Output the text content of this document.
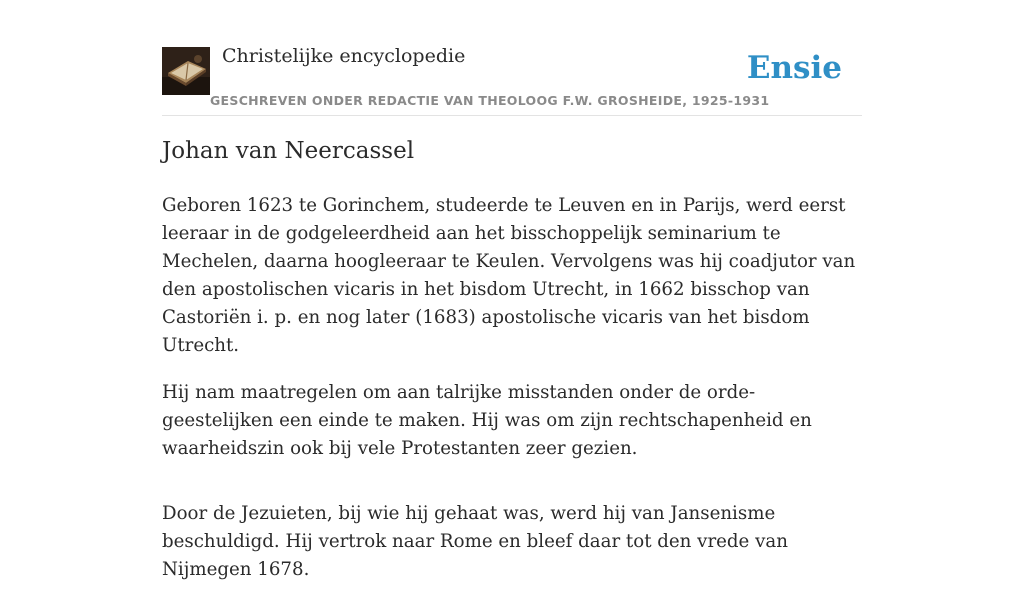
Christelijke encyclopedie
GESCHREVEN ONDER REDACTIE VAN THEOLOOG F.W. GROSHEIDE, 1925-1931
Ensie
Johan van Neercassel

Geboren 1623 te Gorinchem, studeerde te Leuven en in Parijs, werd eerst leeraar in de godgeleerdheid aan het bisschoppelijk seminarium te Mechelen, daarna hoogleeraar te Keulen. Vervolgens was hij coadjutor van den apostolischen vicaris in het bisdom Utrecht, in 1662 bisschop van Castoriën i. p. en nog later (1683) apostolische vicaris van het bisdom Utrecht.

Hij nam maatregelen om aan talrijke misstanden onder de orde-geestelijken een einde te maken. Hij was om zijn rechtschapenheid en waarheidszin ook bij vele Protestanten zeer gezien.

Door de Jezuieten, bij wie hij gehaat was, werd hij van Jansenisme beschuldigd. Hij vertrok naar Rome en bleef daar tot den vrede van Nijmegen 1678.
